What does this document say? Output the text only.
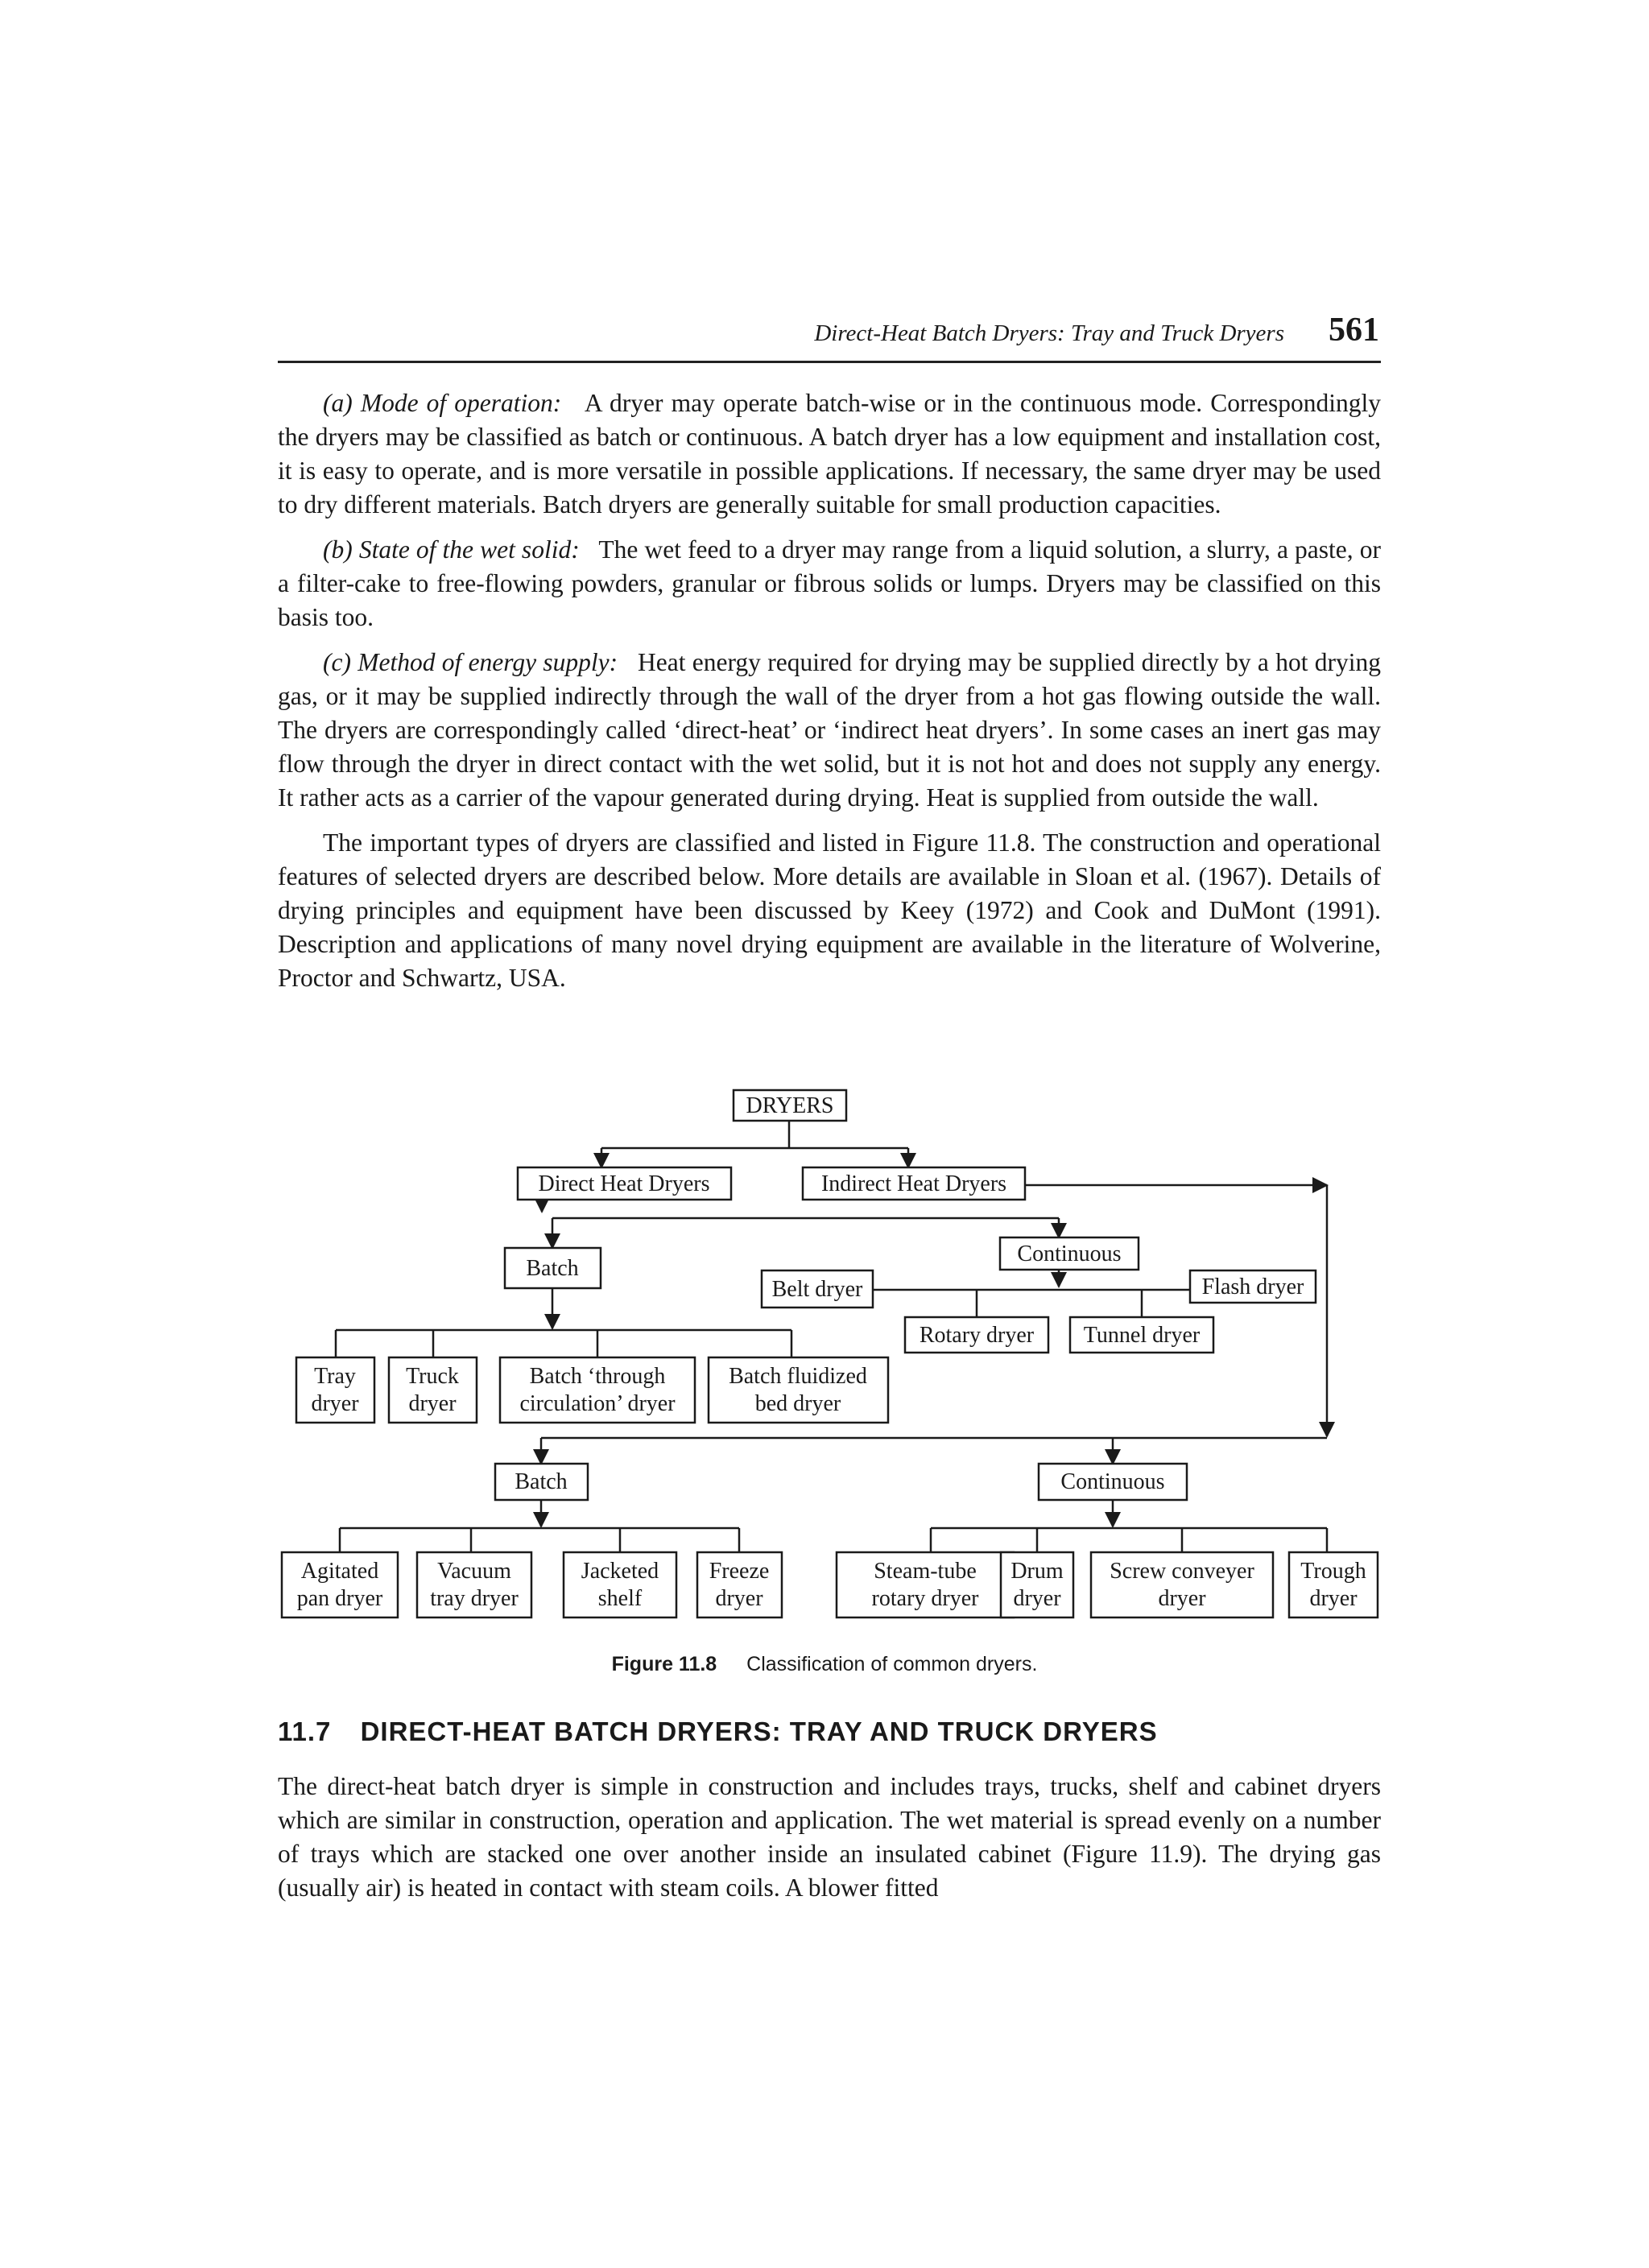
Direct-Heat Batch Dryers: Tray and Truck Dryers 561

(a) Mode of operation: A dryer may operate batch-wise or in the continuous mode. Correspondingly the dryers may be classified as batch or continuous. A batch dryer has a low equipment and installation cost, it is easy to operate, and is more versatile in possible applications. If necessary, the same dryer may be used to dry different materials. Batch dryers are generally suitable for small production capacities.

(b) State of the wet solid: The wet feed to a dryer may range from a liquid solution, a slurry, a paste, or a filter-cake to free-flowing powders, granular or fibrous solids or lumps. Dryers may be classified on this basis too.

(c) Method of energy supply: Heat energy required for drying may be supplied directly by a hot drying gas, or it may be supplied indirectly through the wall of the dryer from a hot gas flowing outside the wall. The dryers are correspondingly called ‘direct-heat’ or ‘indirect heat dryers’. In some cases an inert gas may flow through the dryer in direct contact with the wet solid, but it is not hot and does not supply any energy. It rather acts as a carrier of the vapour generated during drying. Heat is supplied from outside the wall.

The important types of dryers are classified and listed in Figure 11.8. The construction and operational features of selected dryers are described below. More details are available in Sloan et al. (1967). Details of drying principles and equipment have been discussed by Keey (1972) and Cook and DuMont (1991). Description and applications of many novel drying equipment are available in the literature of Wolverine, Proctor and Schwartz, USA.

DRYERS
Direct Heat Dryers	Indirect Heat Dryers
Batch
Continuous
Belt dryer	Flash dryer
Rotary dryer Tunnel dryer
Tray dryer
Truck dryer
Batch ‘through circulation’ dryer
Batch fluidized bed dryer
Batch	Continuous
Agitated pan dryer
Vacuum tray dryer
Jacketed shelf
Freeze dryer
Steam-tube rotary dryer
Drum dryer
Screw conveyer dryer
Trough dryer
Figure 11.8 Classification of common dryers.
11.7 DIRECT-HEAT BATCH DRYERS: TRAY AND TRUCK DRYERS

The direct-heat batch dryer is simple in construction and includes trays, trucks, shelf and cabinet dryers which are similar in construction, operation and application. The wet material is spread evenly on a number of trays which are stacked one over another inside an insulated cabinet (Figure 11.9). The drying gas (usually air) is heated in contact with steam coils. A blower fitted
